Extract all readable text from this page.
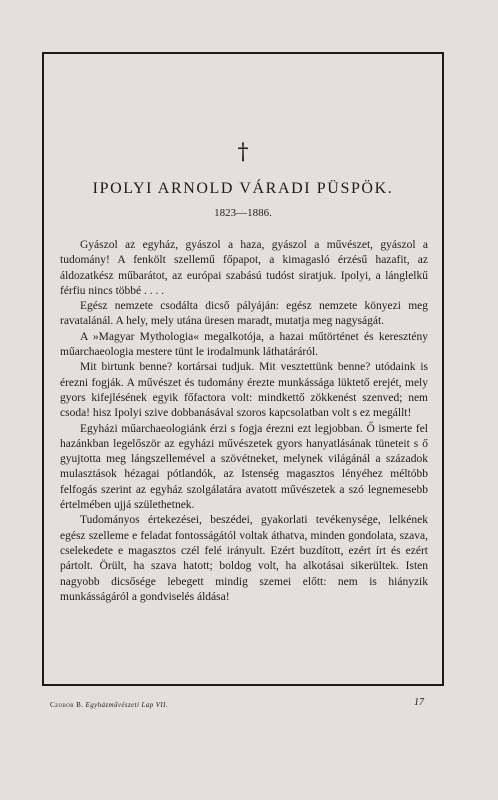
†
IPOLYI ARNOLD VÁRADI PÜSPÖK.
1823—1886.

Gyászol az egyház, gyászol a haza, gyászol a művészet, gyászol a tudomány! A fenkölt szellemű főpapot, a kimagasló érzésű hazafit, az áldozatkész műbarátot, az európai szabású tudóst siratjuk. Ipolyi, a lánglelkű férfiu nincs többé . . . .

Egész nemzete csodálta dicső pályáján: egész nemzete könyezi meg ravatalánál. A hely, mely utána üresen maradt, mutatja meg nagyságát.

A »Magyar Mythologia« megalkotója, a hazai műtörténet és keresztény műarchaeologia mestere tünt le irodalmunk láthatáráról.

Mit birtunk benne? kortársai tudjuk. Mit vesztettünk benne? utódaink is érezni fogják. A művészet és tudomány érezte munkássága lüktető erejét, mely gyors kifejlésének egyik főfactora volt: mindkettő zökkenést szenved; nem csoda! hisz Ipolyi szive dobbanásával szoros kapcsolatban volt s ez megállt!

Egyházi műarchaeologiánk érzi s fogja érezni ezt legjobban. Ő ismerte fel hazánkban legelőször az egyházi művészetek gyors hanyatlásának tüneteit s ő gyujtotta meg lángszellemével a szövétneket, melynek világánál a századok mulasztások hézagai pótlandók, az Istenség magasztos lényéhez méltóbb felfogás szerint az egyház szolgálatára avatott művészetek a szó legnemesebb értelmében ujjá születhetnek.

Tudományos értekezései, beszédei, gyakorlati tevékenysége, lelkének egész szelleme e feladat fontosságától voltak áthatva, minden gondolata, szava, cselekedete e magasztos czél felé irányult. Ezért buzdított, ezért írt és ezért pártolt. Örült, ha szava hatott; boldog volt, ha alkotásai sikerültek. Isten nagyobb dicsősége lebegett mindig szemei előtt: nem is hiányzik munkásságáról a gondviselés áldása!

Czobor B. Egyházművészeti Lap VII.	17
